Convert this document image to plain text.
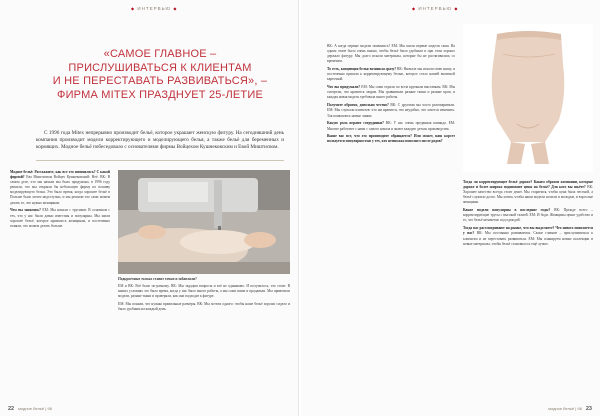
◆ ИНТЕРВЬЮ ◆
«САМОЕ ГЛАВНОЕ –
ПРИСЛУШИВАТЬСЯ К КЛИЕНТАМ
И НЕ ПЕРЕСТАВАТЬ РАЗВИВАТЬСЯ», –
ФИРМА MITEX ПРАЗДНУЕТ 25-ЛЕТИЕ
С 1996 года Mitex непрерывно производит бельё, которое украшает женскую фигуру. На сегодняшний день компания производит модели корректирующего и моделирующего белья, а также бельё для беременных и кормящих. Модное бельё побеседовало с основателями фирмы Войцехом Кушнековским и Евой Миштисвом.

Модное бельё: Расскажите, как все это начиналось? С какой фирмой? Ева Миштисвом Войцех Кушнековский: Неё. ВК: В самом деле, что мы начали мы было придумано, в 1996 году решили, что мы открыли бы небольшую фирму по пошиву моделирующего белья. Это было время, когда хорошее бельё в Польше было почти недоступно, и мы решили что сами можем делать то, что нужно женщинам.

Чем вы занялись? ЕМ: Мы начали с трусиков. В основном с тех, что у нас были давно известны и популярны. Мы шили хорошее бельё, которое нравилось женщинам, и постепенно поняли, что можем делать больше.

Подкроечные только ставят точки и забавляли?

ЕМ и ВК: Всё было по-разному. ВК: Мы зададим вопросы и всё не одинаково. И получилось, что стоит. В наших условиях это было время, когда у нас было много работы, а мы сами шили и продавали. Мы привозили модели, разные ткани и проверяли, как они подходят к фигуре.

ЕМ: Мы поняли, что нужны правильные размеры. ВК: Мы хотели одного: чтобы наше бельё хорошо сидело и было удобным на каждый день.

22 модное бельё | 98
◆ ИНТЕРВЬЮ ◆

ВК: А когда первые модели появились? ЕМ: Мы шили первые модели сами. На одном этапе было очень важно, чтобы бельё было удобным и при этом хорошо держало фигуру. Мы долго искали материалы, которые бы не растягивались со временем.

То есть, концепция белья возникла сразу? ВК: Вначале мы искали свою нишу, и постепенно пришли к корректирующему белью, которое стало нашей визитной карточкой.

Что вы придумали? ЕМ: Мы сами ездили по всем крупным выставкам. ВК: Мы смотрели, что нравится людям. Мы сравнивали разные ткани и разные крои, и каждая новая модель требовала много работы.

Получите обратно, довольно честно? ВК: С другими мы часто разговаривали. ЕМ: Мы слушали клиентов: что им нравится, что неудобно, что хочется изменить. Так появлялись новые линии.

Какую роль играют сотрудники? ВК: У нас очень преданная команда. ЕМ: Многие работают с нами с самого начала и знают каждую деталь производства.

Выше вас все, что это производите обращается? Или может, наш корсет пользуется популярностью у тех, кто немножко пополнел после родов?

Тогда ли корректирующее бельё дороже? Каким образом компании, которые дороже и более широко поднимают цены на бельё? Для кого вы шьёте? ВК: Хорошее качество всегда стоит денег. Мы стараемся, чтобы цена была честной, а бельё служило долго. Мы хотим, чтобы наши модели носили и молодые, и взрослые женщины.

Какие модели популярны в последние годы? ВК: Прежде всего – корректирующие трусы с высокой талией. ЕМ: И боди. Женщины ценят удобство и то, что бельё незаметно под одеждой.

Тогда вас рассматривают на рынке, что вы выделяете? Что нового появляется у вас? ВК: Мы постоянно развиваемся. Самое главное – прислушиваться к клиентам и не переставать развиваться. ЕМ: Мы планируем новые коллекции и новые материалы, чтобы бельё становилось ещё лучше.

модное бельё | 98 23
